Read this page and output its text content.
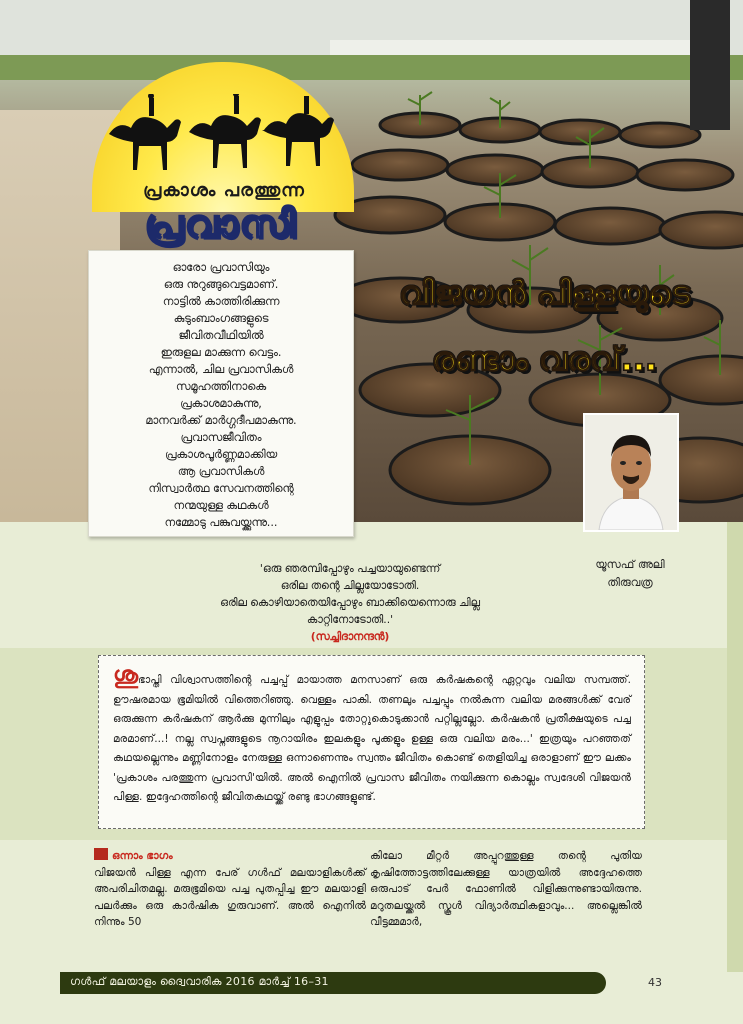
പ്രകാശം പരത്തുന്ന
പ്രവാസി
ഓരോ പ്രവാസിയും
ഒരു നുറുങ്ങുവെട്ടമാണ്.
നാട്ടിൽ കാത്തിരിക്കുന്ന
കുടുംബാംഗങ്ങളുടെ
ജീവിതവീഥിയിൽ
ഇരുളല മാക്കുന്ന വെട്ടം.
എന്നാൽ, ചില പ്രവാസികൾ
സമൂഹത്തിനാകെ
പ്രകാശമാകുന്നു,
മാനവർക്ക് മാർഗ്ഗദീപമാകുന്നു.
പ്രവാസജീവിതം
പ്രകാശപൂർണ്ണമാക്കിയ
ആ പ്രവാസികൾ
നിസ്വാർത്ഥ സേവനത്തിന്റെ
നന്മയുള്ള കഥകൾ
നമ്മോടു പങ്കുവയ്ക്കുന്നു...
വിജയൻ പിള്ളയുടെ
രണ്ടാം വരവ്...
യൂസഫ് അലി
തിരുവത്ര
'ഒരു ഞരമ്പിപ്പോഴും പച്ചയായുണ്ടെന്ന്
ഒരില തന്റെ ചില്ലയോടോതി.
ഒരില കൊഴിയാതെയിപ്പോഴും ബാക്കിയെന്നൊരു ചില്ല
കാറ്റിനോടോതി..'
(സച്ചിദാനന്ദൻ)
ശുഭാപ്തി വിശ്വാസത്തിന്റെ പച്ചപ്പ് മായാത്ത മനസാണ് ഒരു കർഷകന്റെ ഏറ്റവും വലിയ സമ്പത്ത്. ഊഷരമായ ഭൂമിയിൽ വിത്തെറിഞ്ഞു. വെള്ളം പാകി. തണലും പച്ചപ്പും നൽകുന്ന വലിയ മരങ്ങൾക്ക് വേര് ഒരുക്കുന്ന കർഷകന് ആർക്കു മുന്നിലും എളുപ്പം തോറ്റുകൊടുക്കാൻ പറ്റില്ലല്ലോ. കർഷകൻ പ്രതീക്ഷയുടെ പച്ച മരമാണ്...! നല്ല സ്വപ്നങ്ങളുടെ നൂറായിരം ഇലകളും പൂക്കളും ഉള്ള ഒരു വലിയ മരം...' ഇത്രയും പറഞ്ഞത് കഥയല്ലെന്നും മണ്ണിനോളം നേരുള്ള ഒന്നാണെന്നും സ്വന്തം ജീവിതം കൊണ്ട് തെളിയിച്ച ഒരാളാണ് ഈ ലക്കം 'പ്രകാശം പരത്തുന്ന പ്രവാസി'യിൽ. അൽ ഐനിൽ പ്രവാസ ജീവിതം നയിക്കുന്ന കൊല്ലം സ്വദേശി വിജയൻ പിള്ള. ഇദ്ദേഹത്തിന്റെ ജീവിതകഥയ്ക്ക് രണ്ടു ഭാഗങ്ങളുണ്ട്.
ഒന്നാം ഭാഗം
വിജയൻ പിള്ള എന്ന പേര് ഗൾഫ് മലയാളികൾക്ക് അപരിചിതമല്ല. മരുഭൂമിയെ പച്ച പുതപ്പിച്ച ഈ മലയാളി പലർക്കും ഒരു കാർഷിക ഗുരുവാണ്. അൽ ഐനിൽ നിന്നും 50
കിലോ മീറ്റർ അപ്പുറത്തുള്ള തന്റെ പുതിയ കൃഷിത്തോട്ടത്തിലേക്കുള്ള യാത്രയിൽ അദ്ദേഹത്തെ ഒരുപാട് പേർ ഫോണിൽ വിളിക്കുന്നുണ്ടായിരുന്നു. മറുതലയ്ക്കൽ സ്കൂൾ വിദ്യാർത്ഥികളാവും... അല്ലെങ്കിൽ വീട്ടമ്മമാർ,
ഗൾഫ് മലയാളം ദ്വൈവാരിക 2016 മാർച്ച് 16–31	43
